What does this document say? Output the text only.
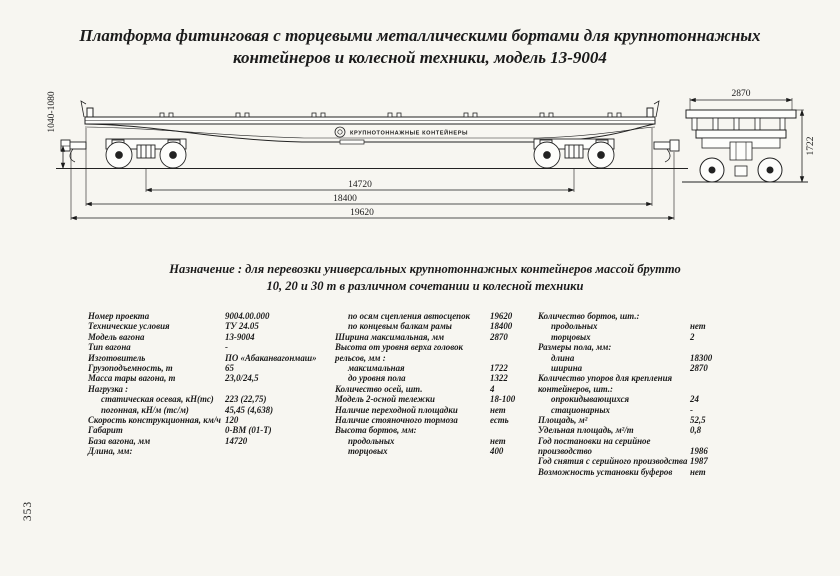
Платформа фитинговая с торцевыми металлическими бортами для крупнотоннажных
контейнеров и колесной техники, модель 13-9004
КРУПНОТОННАЖНЫЕ КОНТЕЙНЕРЫ
1040-1080
14720
18400
19620
2870
1722
Назначение : для перевозки универсальных крупнотоннажных контейнеров массой брутто
10, 20 и 30 т в различном сочетании и колесной техники
Номер проекта	9004.00.000
Технические условия	ТУ 24.05
Модель вагона	13-9004
Тип вагона	-
Изготовитель	ПО «Абаканвагонмаш»
Грузоподъемность, т	65
Масса тары вагона, т	23,0/24,5
Нагрузка :
статическая осевая, кН(тс) 223 (22,75)
погонная, кН/м (тс/м)	45,45 (4,638)
Скорость конструкционная, км/ч 120
Габарит	0-ВМ (01-Т)
База вагона, мм	14720
Длина, мм:
по осям сцепления автосцепок 19620
по концевым балкам рамы	18400
Ширина максимальная, мм	2870
Высота от уровня верха головок
рельсов, мм :
максимальная	1722
до уровня пола	1322
Количество осей, шт.	4
Модель 2-осной тележки	18-100
Наличие переходной площадки	нет
Наличие стояночного тормоза	есть
Высота бортов, мм:
продольных	нет
торцовых	400
Количество бортов, шт.:
продольных	нет
торцовых	2
Размеры пола, мм:
длина	18300
ширина	2870
Количество упоров для крепления
контейнеров, шт.:
опрокидывающихся	24
стационарных	-
Площадь, м²	52,5
Удельная площадь, м²/т	0,8
Год постановки на серийное
производство	1986
Год снятия с серийного производства 1987
Возможность установки буферов нет
353
